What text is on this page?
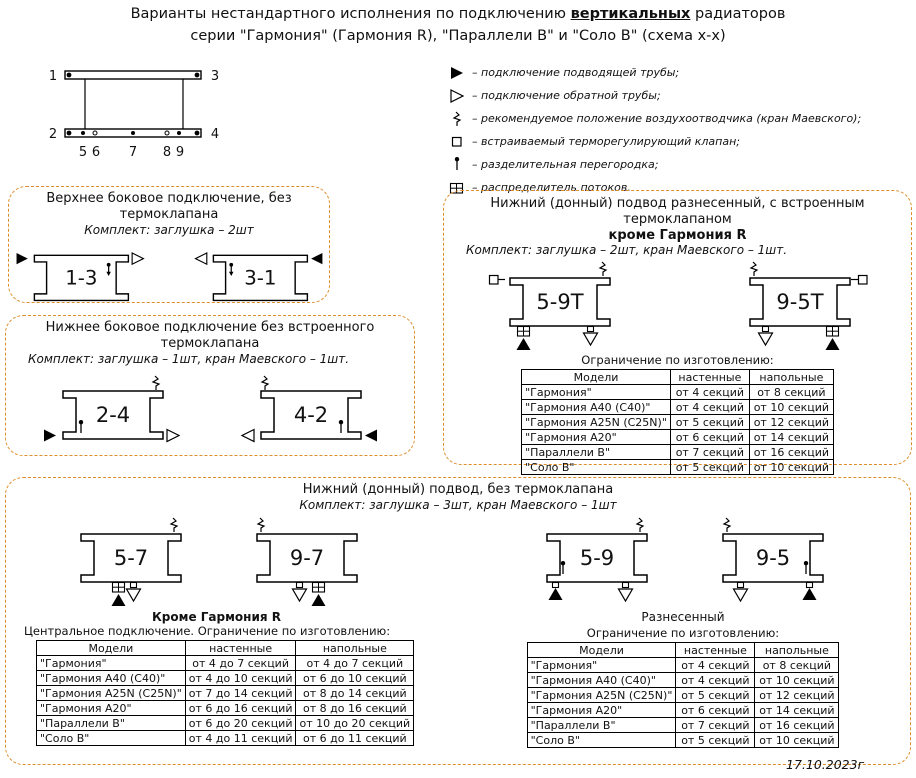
Варианты нестандартного исполнения по подключению вертикальных радиаторов
серии "Гармония" (Гармония R), "Параллели В" и "Соло В" (схема х-х)
1	3
2	4
5 6 7 8 9
– подключение подводящей трубы;
– подключение обратной трубы;
– рекомендуемое положение воздухоотводчика (кран Маевского);
– встраиваемый терморегулирующий клапан;
– разделительная перегородка;
– распределитель потоков.
Верхнее боковое подключение, без термоклапана
Комплект: заглушка – 2шт
1-3	3-1
Нижний (донный) подвод разнесенный, с встроенным термоклапаном
кроме Гармония R
Комплект: заглушка – 2шт, кран Маевского – 1шт.
5-9Т	9-5Т
Ограничение по изготовлению:
Модели	настенные	напольные
"Гармония"	от 4 секций	от 8 секций
"Гармония А40 (С40)"	от 4 секций	от 10 секций
"Гармония А25N (C25N)"	от 5 секций	от 12 секций
"Гармония А20"	от 6 секций	от 14 секций
"Параллели В"	от 7 секций	от 16 секций
"Соло В"	от 5 секций	от 10 секций
Нижнее боковое подключение без встроенного термоклапана
Комплект: заглушка – 1шт, кран Маевского – 1шт.
2-4	4-2
Нижний (донный) подвод, без термоклапана
Комплект: заглушка – 3шт, кран Маевского – 1шт
5-7	9-7
Кроме Гармония R
Центральное подключение. Ограничение по изготовлению:
Модели	настенные	напольные
"Гармония"	от 4 до 7 секций	от 4 до 7 секций
"Гармония А40 (С40)"	от 4 до 10 секций	от 6 до 10 секций
"Гармония А25N (C25N)"	от 7 до 14 секций	от 8 до 14 секций
"Гармония А20"	от 6 до 16 секций	от 8 до 16 секций
"Параллели В"	от 6 до 20 секций	от 10 до 20 секций
"Соло В"	от 4 до 11 секций	от 6 до 11 секций
5-9	9-5
Разнесенный
Ограничение по изготовлению:
Модели	настенные	напольные
"Гармония"	от 4 секций	от 8 секций
"Гармония А40 (С40)"	от 4 секций	от 10 секций
"Гармония А25N (C25N)"	от 5 секций	от 12 секций
"Гармония А20"	от 6 секций	от 14 секций
"Параллели В"	от 7 секций	от 16 секций
"Соло В"	от 5 секций	от 10 секций
17.10.2023г
